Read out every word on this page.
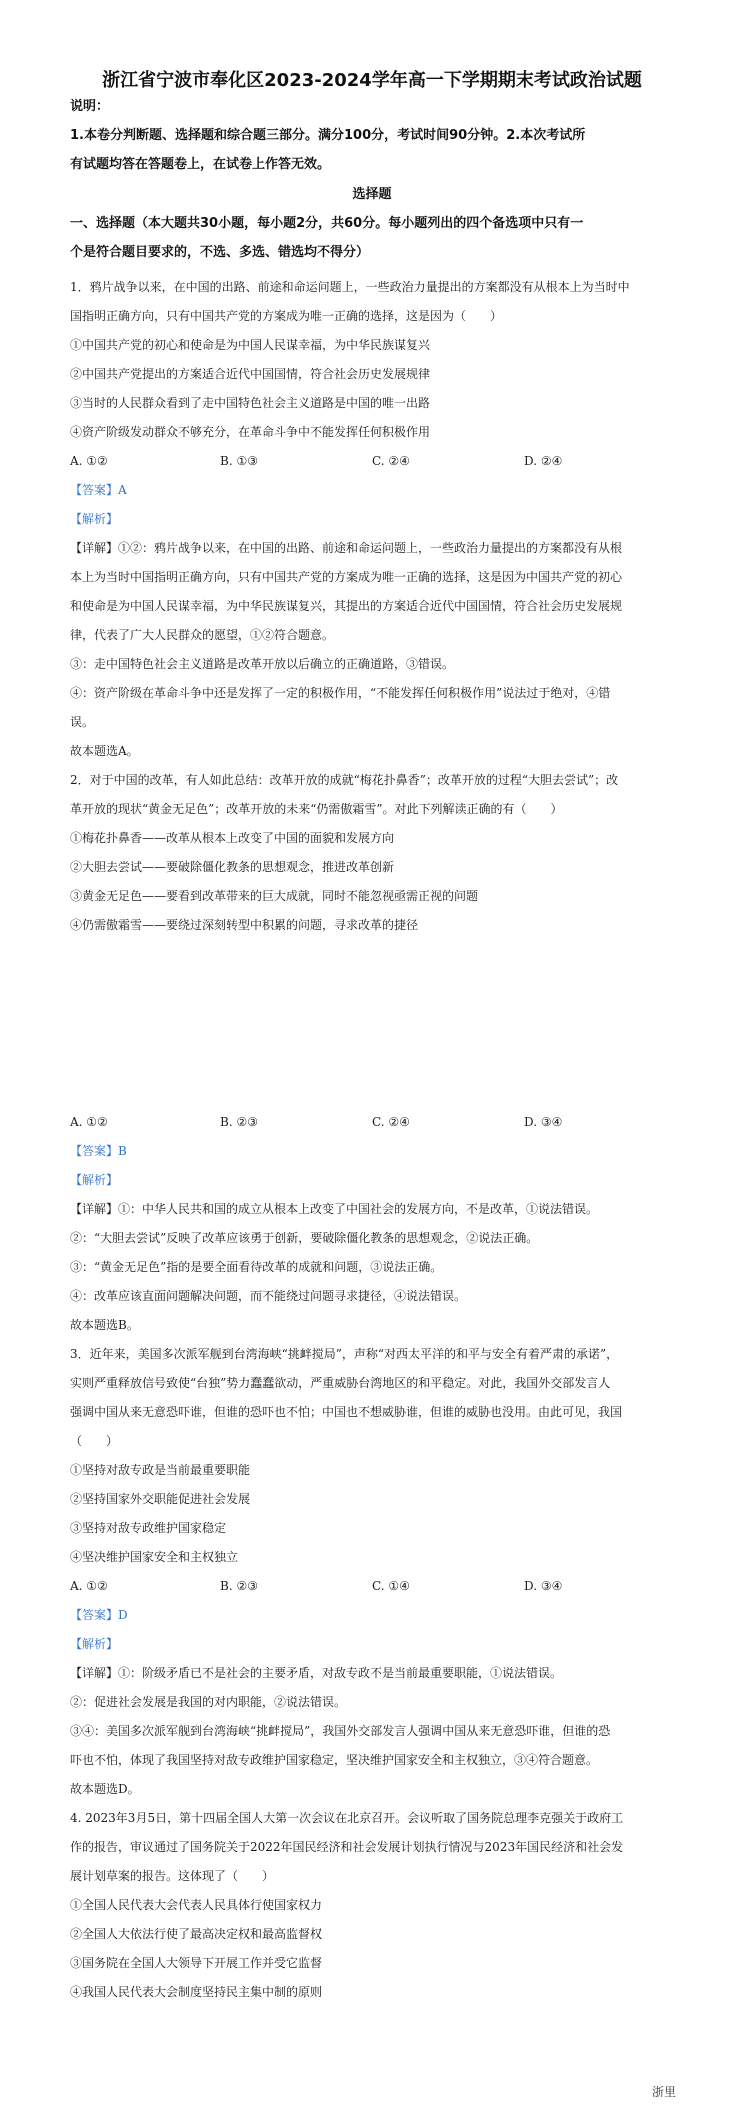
浙江省宁波市奉化区2023-2024学年高一下学期期末考试政治试题
说明：
1.本卷分判断题、选择题和综合题三部分。满分100分，考试时间90分钟。2.本次考试所
有试题均答在答题卷上，在试卷上作答无效。
选择题
一、选择题（本大题共30小题，每小题2分，共60分。每小题列出的四个备选项中只有一
个是符合题目要求的，不选、多选、错选均不得分）
1．鸦片战争以来，在中国的出路、前途和命运问题上，一些政治力量提出的方案都没有从根本上为当时中
国指明正确方向，只有中国共产党的方案成为唯一正确的选择，这是因为（　　）
①中国共产党的初心和使命是为中国人民谋幸福，为中华民族谋复兴
②中国共产党提出的方案适合近代中国国情，符合社会历史发展规律
③当时的人民群众看到了走中国特色社会主义道路是中国的唯一出路
④资产阶级发动群众不够充分，在革命斗争中不能发挥任何积极作用
A. ①②	B. ①③	C. ②④	D. ②④
【答案】A
【解析】
【详解】①②：鸦片战争以来，在中国的出路、前途和命运问题上，一些政治力量提出的方案都没有从根
本上为当时中国指明正确方向，只有中国共产党的方案成为唯一正确的选择，这是因为中国共产党的初心
和使命是为中国人民谋幸福，为中华民族谋复兴，其提出的方案适合近代中国国情，符合社会历史发展规
律，代表了广大人民群众的愿望，①②符合题意。
③：走中国特色社会主义道路是改革开放以后确立的正确道路，③错误。
④：资产阶级在革命斗争中还是发挥了一定的积极作用，“不能发挥任何积极作用”说法过于绝对，④错
误。
故本题选A。
2．对于中国的改革，有人如此总结：改革开放的成就“梅花扑鼻香”；改革开放的过程“大胆去尝试”；改
革开放的现状“黄金无足色”；改革开放的未来“仍需傲霜雪”。对此下列解读正确的有（　　）
①梅花扑鼻香——改革从根本上改变了中国的面貌和发展方向
②大胆去尝试——要破除僵化教条的思想观念，推进改革创新
③黄金无足色——要看到改革带来的巨大成就，同时不能忽视亟需正视的问题
④仍需傲霜雪——要绕过深刻转型中积累的问题，寻求改革的捷径
A. ①②	B. ②③	C. ②④	D. ③④
【答案】B
【解析】
【详解】①：中华人民共和国的成立从根本上改变了中国社会的发展方向，不是改革，①说法错误。
②：“大胆去尝试”反映了改革应该勇于创新，要破除僵化教条的思想观念，②说法正确。
③：“黄金无足色”指的是要全面看待改革的成就和问题，③说法正确。
④：改革应该直面问题解决问题，而不能绕过问题寻求捷径，④说法错误。
故本题选B。
3．近年来，美国多次派军舰到台湾海峡“挑衅搅局”，声称“对西太平洋的和平与安全有着严肃的承诺”，
实则严重释放信号致使“台独”势力蠢蠢欲动，严重威胁台湾地区的和平稳定。对此，我国外交部发言人
强调中国从来无意恐吓谁，但谁的恐吓也不怕；中国也不想威胁谁，但谁的威胁也没用。由此可见，我国
（　　）
①坚持对敌专政是当前最重要职能
②坚持国家外交职能促进社会发展
③坚持对敌专政维护国家稳定
④坚决维护国家安全和主权独立
A. ①②	B. ②③	C. ①④	D. ③④
【答案】D
【解析】
【详解】①：阶级矛盾已不是社会的主要矛盾，对敌专政不是当前最重要职能，①说法错误。
②：促进社会发展是我国的对内职能，②说法错误。
③④：美国多次派军舰到台湾海峡“挑衅搅局”，我国外交部发言人强调中国从来无意恐吓谁，但谁的恐
吓也不怕，体现了我国坚持对敌专政维护国家稳定，坚决维护国家安全和主权独立，③④符合题意。
故本题选D。
4. 2023年3月5日，第十四届全国人大第一次会议在北京召开。会议听取了国务院总理李克强关于政府工
作的报告，审议通过了国务院关于2022年国民经济和社会发展计划执行情况与2023年国民经济和社会发
展计划草案的报告。这体现了（　　）
①全国人民代表大会代表人民具体行使国家权力
②全国人大依法行使了最高决定权和最高监督权
③国务院在全国人大领导下开展工作并受它监督
④我国人民代表大会制度坚持民主集中制的原则
浙里
